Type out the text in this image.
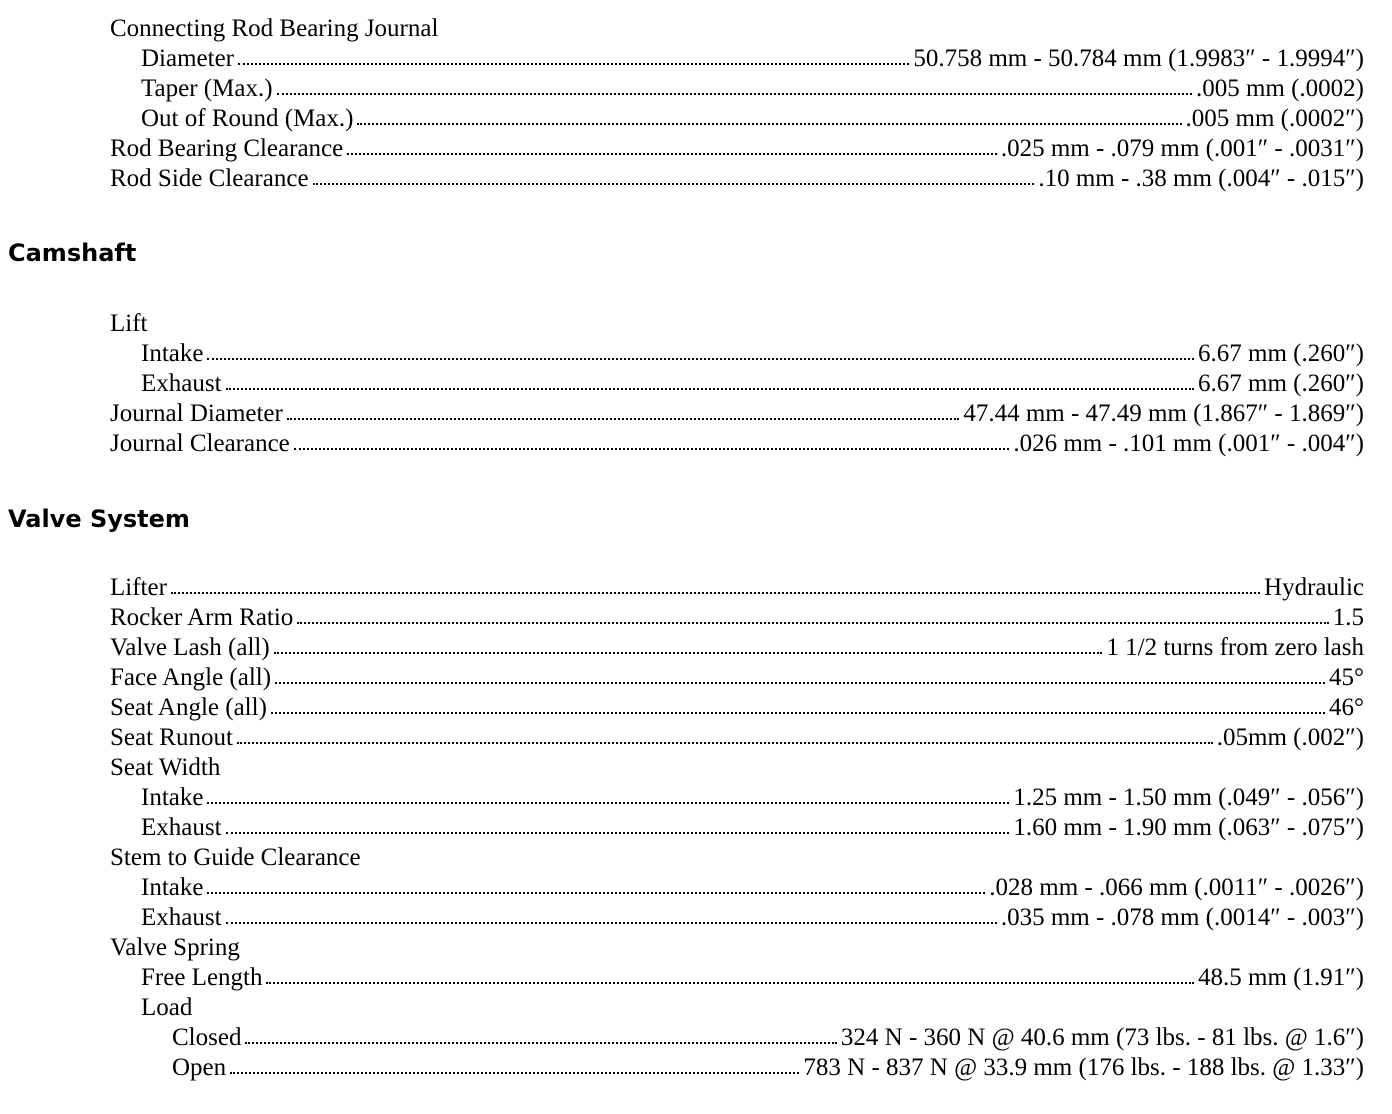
Connecting Rod Bearing Journal
Diameter	50.758 mm - 50.784 mm (1.9983″ - 1.9994″)
Taper (Max.)	.005 mm (.0002)
Out of Round (Max.)	.005 mm (.0002″)
Rod Bearing Clearance	.025 mm - .079 mm (.001″ - .0031″)
Rod Side Clearance	.10 mm - .38 mm (.004″ - .015″)
Camshaft
Lift
Intake	6.67 mm (.260″)
Exhaust	6.67 mm (.260″)
Journal Diameter	47.44 mm - 47.49 mm (1.867″ - 1.869″)
Journal Clearance	.026 mm - .101 mm (.001″ - .004″)
Valve System
Lifter	Hydraulic
Rocker Arm Ratio	1.5
Valve Lash (all)	1 1/2 turns from zero lash
Face Angle (all)	45°
Seat Angle (all)	46°
Seat Runout	.05mm (.002″)
Seat Width
Intake	1.25 mm - 1.50 mm (.049″ - .056″)
Exhaust	1.60 mm - 1.90 mm (.063″ - .075″)
Stem to Guide Clearance
Intake	.028 mm - .066 mm (.0011″ - .0026″)
Exhaust	.035 mm - .078 mm (.0014″ - .003″)
Valve Spring
Free Length	48.5 mm (1.91″)
Load
Closed	324 N - 360 N @ 40.6 mm (73 lbs. - 81 lbs. @ 1.6″)
Open	783 N - 837 N @ 33.9 mm (176 lbs. - 188 lbs. @ 1.33″)
